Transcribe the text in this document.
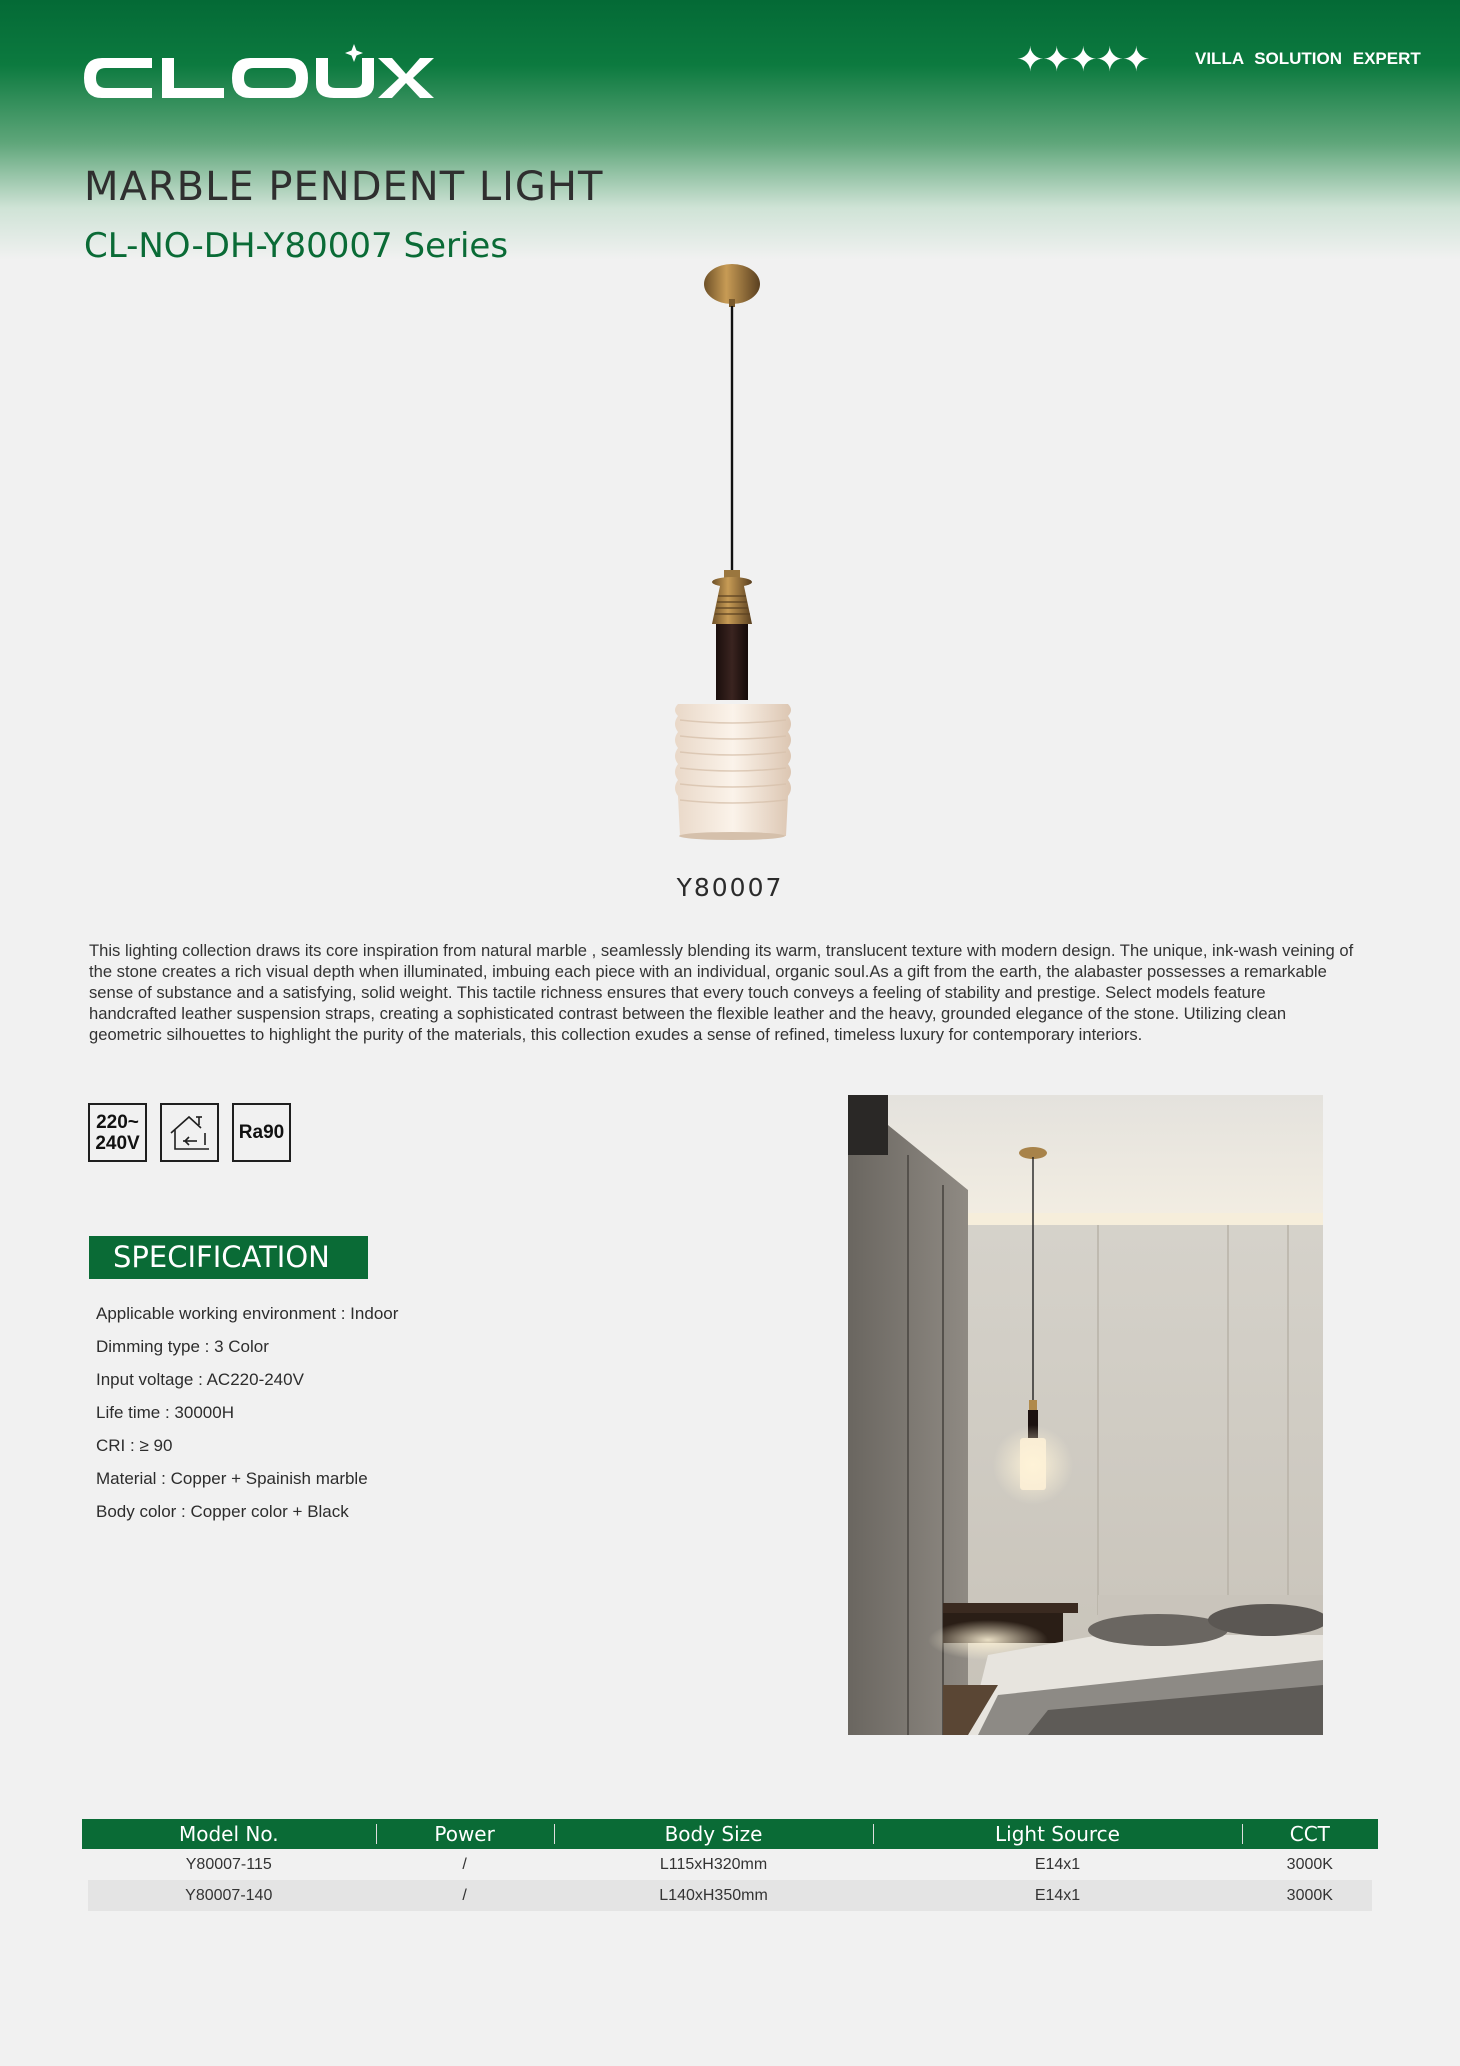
✦✦✦✦✦	VILLA SOLUTION EXPERT
MARBLE PENDENT LIGHT
CL-NO-DH-Y80007 Series
Y80007
This lighting collection draws its core inspiration from natural marble , seamlessly blending its warm, translucent texture with modern design. The unique, ink-wash veining of the stone creates a rich visual depth when illuminated, imbuing each piece with an individual, organic soul.As a gift from the earth, the alabaster possesses a remarkable sense of substance and a satisfying, solid weight. This tactile richness ensures that every touch conveys a feeling of stability and prestige. Select models feature handcrafted leather suspension straps, creating a sophisticated contrast between the flexible leather and the heavy, grounded elegance of the stone. Utilizing clean geometric silhouettes to highlight the purity of the materials, this collection exudes a sense of refined, timeless luxury for contemporary interiors.
220~
240V	Ra90
SPECIFICATION
Applicable working environment : Indoor
Dimming type : 3 Color
Input voltage : AC220-240V
Life time : 30000H
CRI : ≥ 90
Material : Copper + Spainish marble
Body color : Copper color + Black
Model No.	Power	Body Size	Light Source	CCT
Y80007-115	/	L115xH320mm	E14x1	3000K
Y80007-140	/	L140xH350mm	E14x1	3000K
